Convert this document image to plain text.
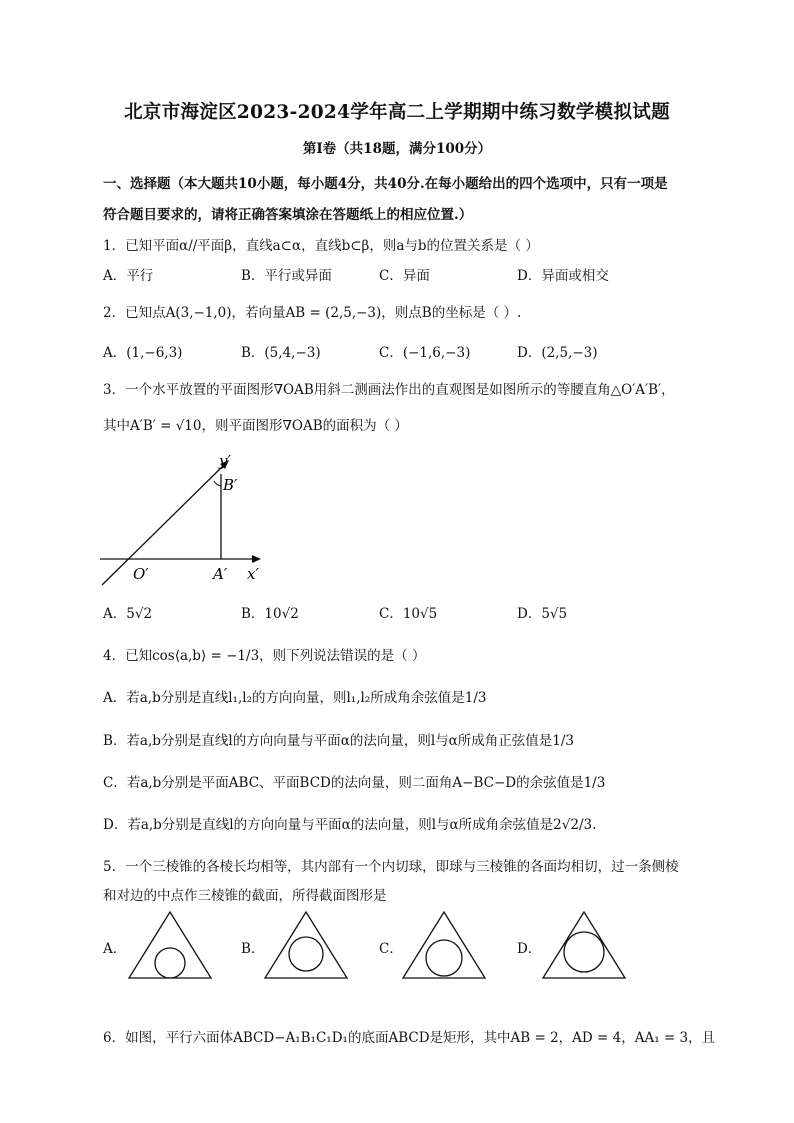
北京市海淀区2023-2024学年高二上学期期中练习数学模拟试题
第Ⅰ卷（共18题，满分100分）
一、选择题（本大题共10小题，每小题4分，共40分.在每小题给出的四个选项中，只有一项是
符合题目要求的，请将正确答案填涂在答题纸上的相应位置.）
1．已知平面α//平面β，直线a⊂α，直线b⊂β，则a与b的位置关系是（ ）
A．平行	B．平行或异面	C．异面	D．异面或相交
2．已知点A(3,−1,0)，若向量AB = (2,5,−3)，则点B的坐标是（ ）.
A．(1,−6,3)	B．(5,4,−3)	C．(−1,6,−3)	D．(2,5,−3)
3．一个水平放置的平面图形∇OAB用斜二测画法作出的直观图是如图所示的等腰直角△O′A′B′，
其中A′B′ = √10，则平面图形∇OAB的面积为（ ）
y′
B′
O′	A′ x′
A．5√2	B．10√2	C．10√5	D．5√5
4．已知cos⟨a,b⟩ = −1/3，则下列说法错误的是（ ）
A．若a,b分别是直线l₁,l₂的方向向量，则l₁,l₂所成角余弦值是1/3
B．若a,b分别是直线l的方向向量与平面α的法向量，则l与α所成角正弦值是1/3
C．若a,b分别是平面ABC、平面BCD的法向量，则二面角A−BC−D的余弦值是1/3
D．若a,b分别是直线l的方向向量与平面α的法向量，则l与α所成角余弦值是2√2/3.
5．一个三棱锥的各棱长均相等，其内部有一个内切球，即球与三棱锥的各面均相切，过一条侧棱
和对边的中点作三棱锥的截面，所得截面图形是
A．	B．	C．	D．
6．如图，平行六面体ABCD−A₁B₁C₁D₁的底面ABCD是矩形，其中AB = 2，AD = 4，AA₁ = 3，且
